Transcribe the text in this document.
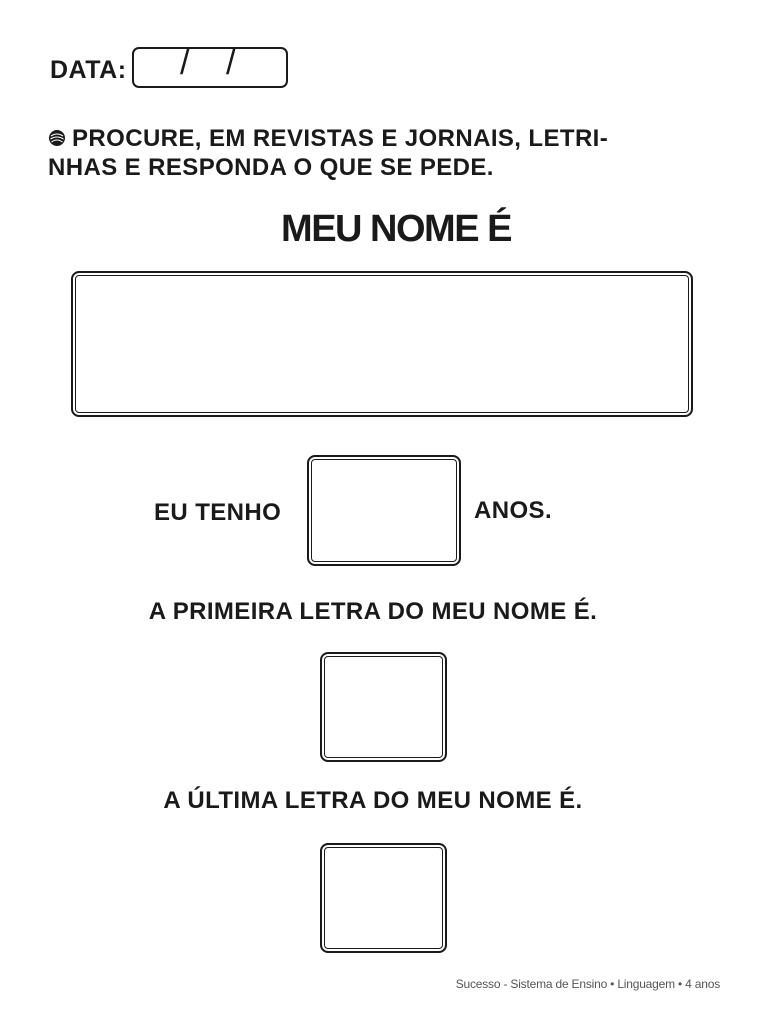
DATA: / /
PROCURE, EM REVISTAS E JORNAIS, LETRI-
NHAS E RESPONDA O QUE SE PEDE.
MEU NOME É
EU TENHO	ANOS.
A PRIMEIRA LETRA DO MEU NOME É.
A ÚLTIMA LETRA DO MEU NOME É.
Sucesso - Sistema de Ensino • Linguagem • 4 anos
